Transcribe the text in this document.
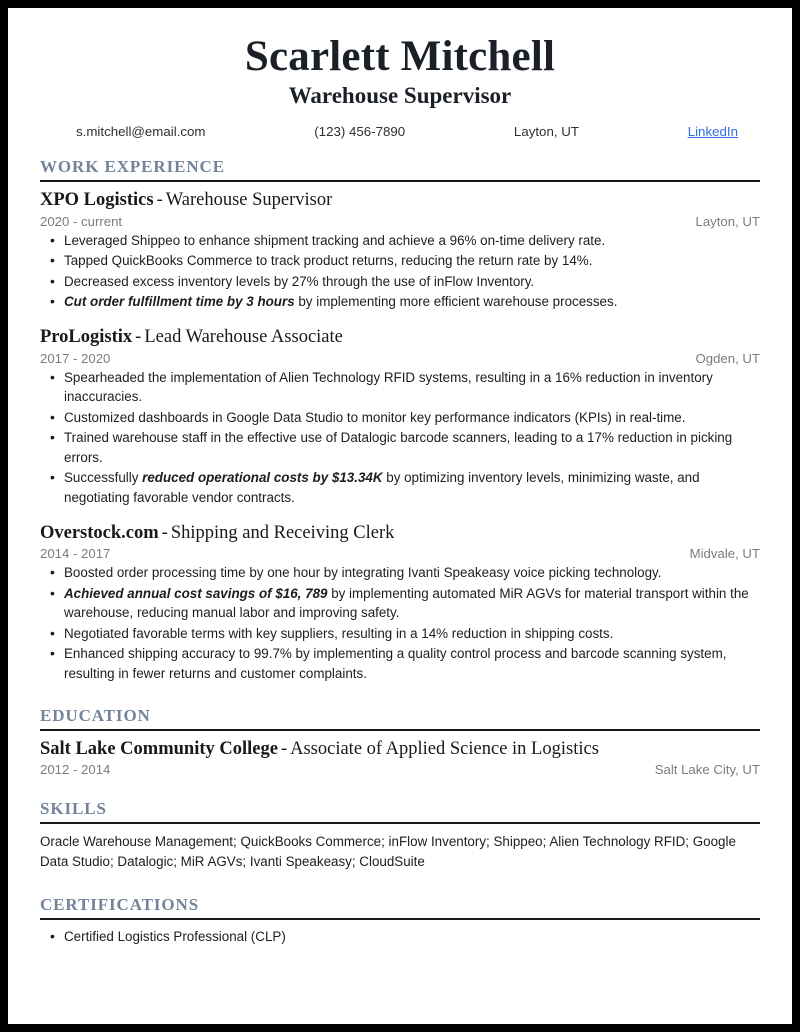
Scarlett Mitchell
Warehouse Supervisor
s.mitchell@email.com	(123) 456-7890	Layton, UT	LinkedIn
WORK EXPERIENCE
XPO Logistics - Warehouse Supervisor
2020 - current	Layton, UT
• Leveraged Shippeo to enhance shipment tracking and achieve a 96% on-time delivery rate.
• Tapped QuickBooks Commerce to track product returns, reducing the return rate by 14%.
• Decreased excess inventory levels by 27% through the use of inFlow Inventory.
• Cut order fulfillment time by 3 hours by implementing more efficient warehouse processes.
ProLogistix - Lead Warehouse Associate
2017 - 2020	Ogden, UT
• Spearheaded the implementation of Alien Technology RFID systems, resulting in a 16% reduction in inventory inaccuracies.
• Customized dashboards in Google Data Studio to monitor key performance indicators (KPIs) in real-time.
• Trained warehouse staff in the effective use of Datalogic barcode scanners, leading to a 17% reduction in picking errors.
• Successfully reduced operational costs by $13.34K by optimizing inventory levels, minimizing waste, and negotiating favorable vendor contracts.
Overstock.com - Shipping and Receiving Clerk
2014 - 2017	Midvale, UT
• Boosted order processing time by one hour by integrating Ivanti Speakeasy voice picking technology.
• Achieved annual cost savings of $16, 789 by implementing automated MiR AGVs for material transport within the warehouse, reducing manual labor and improving safety.
• Negotiated favorable terms with key suppliers, resulting in a 14% reduction in shipping costs.
• Enhanced shipping accuracy to 99.7% by implementing a quality control process and barcode scanning system, resulting in fewer returns and customer complaints.
EDUCATION
Salt Lake Community College - Associate of Applied Science in Logistics
2012 - 2014	Salt Lake City, UT
SKILLS
Oracle Warehouse Management; QuickBooks Commerce; inFlow Inventory; Shippeo; Alien Technology RFID; Google Data Studio; Datalogic; MiR AGVs; Ivanti Speakeasy; CloudSuite
CERTIFICATIONS
• Certified Logistics Professional (CLP)
